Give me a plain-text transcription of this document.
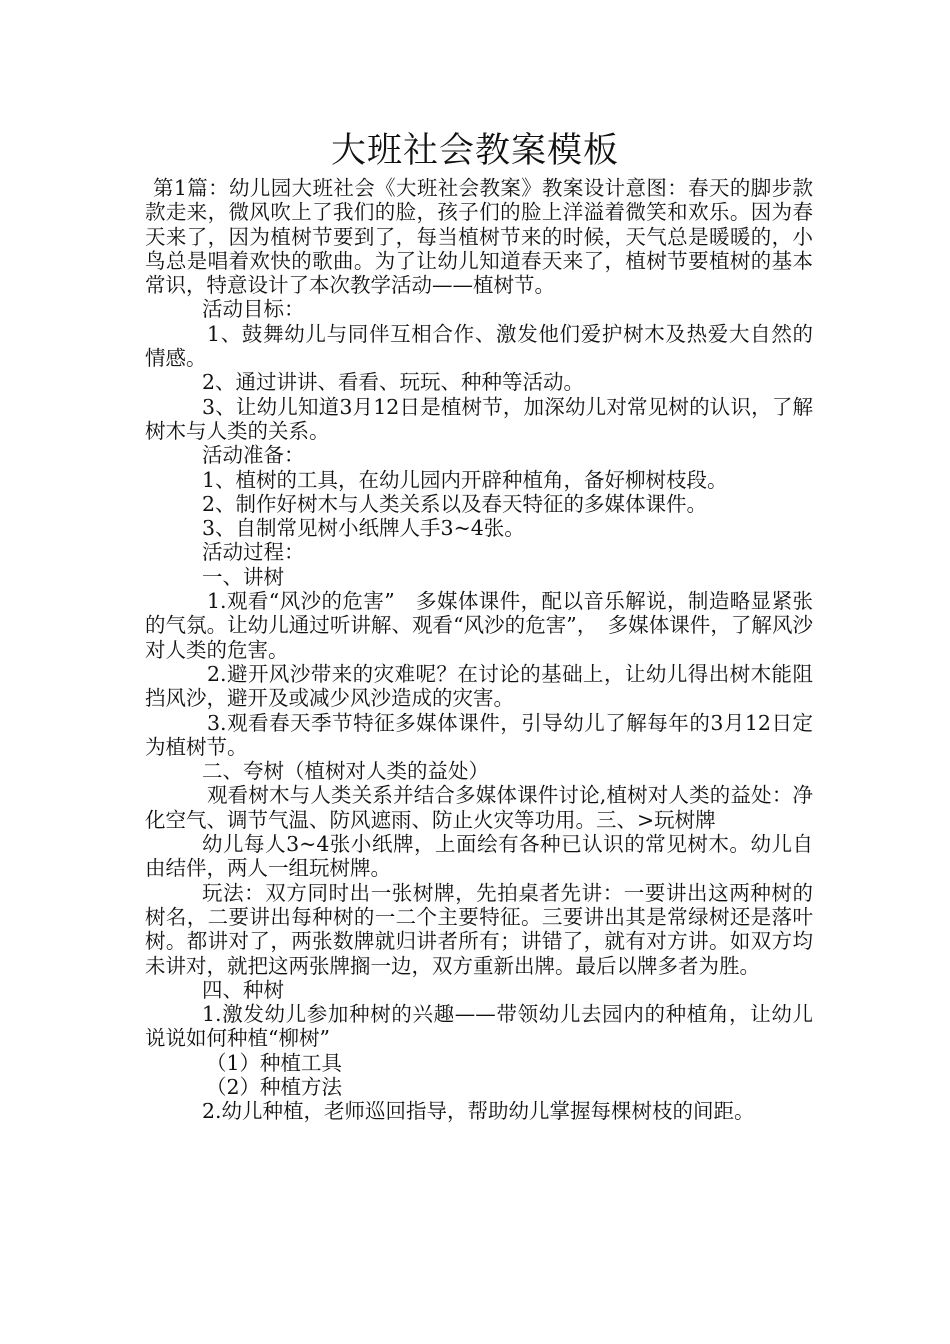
大班社会教案模板

第1篇：幼儿园大班社会《大班社会教案》教案设计意图：春天的脚步款款走来，微风吹上了我们的脸，孩子们的脸上洋溢着微笑和欢乐。因为春天来了，因为植树节要到了，每当植树节来的时候，天气总是暖暖的，小鸟总是唱着欢快的歌曲。为了让幼儿知道春天来了，植树节要植树的基本常识，特意设计了本次教学活动——植树节。

活动目标：

1、鼓舞幼儿与同伴互相合作、激发他们爱护树木及热爱大自然的情感。

2、通过讲讲、看看、玩玩、种种等活动。

3、让幼儿知道3月12日是植树节，加深幼儿对常见树的认识，了解树木与人类的关系。

活动准备：

1、植树的工具，在幼儿园内开辟种植角，备好柳树枝段。

2、制作好树木与人类关系以及春天特征的多媒体课件。

3、自制常见树小纸牌人手3~4张。

活动过程：

一、讲树

1.观看“风沙的危害”　多媒体课件，配以音乐解说，制造略显紧张的气氛。让幼儿通过听讲解、观看“风沙的危害”，　多媒体课件，了解风沙对人类的危害。

2.避开风沙带来的灾难呢？在讨论的基础上，让幼儿得出树木能阻挡风沙，避开及或减少风沙造成的灾害。

3.观看春天季节特征多媒体课件，引导幼儿了解每年的3月12日定为植树节。

二、夸树（植树对人类的益处）

观看树木与人类关系并结合多媒体课件讨论,植树对人类的益处：净化空气、调节气温、防风遮雨、防止火灾等功用。三、>玩树牌

幼儿每人3~4张小纸牌，上面绘有各种已认识的常见树木。幼儿自由结伴，两人一组玩树牌。

玩法：双方同时出一张树牌，先拍桌者先讲：一要讲出这两种树的树名，二要讲出每种树的一二个主要特征。三要讲出其是常绿树还是落叶树。都讲对了，两张数牌就归讲者所有；讲错了，就有对方讲。如双方均未讲对，就把这两张牌搁一边，双方重新出牌。最后以牌多者为胜。

四、种树

1.激发幼儿参加种树的兴趣——带领幼儿去园内的种植角，让幼儿说说如何种植“柳树”

（1）种植工具

（2）种植方法

2.幼儿种植，老师巡回指导，帮助幼儿掌握每棵树枝的间距。
